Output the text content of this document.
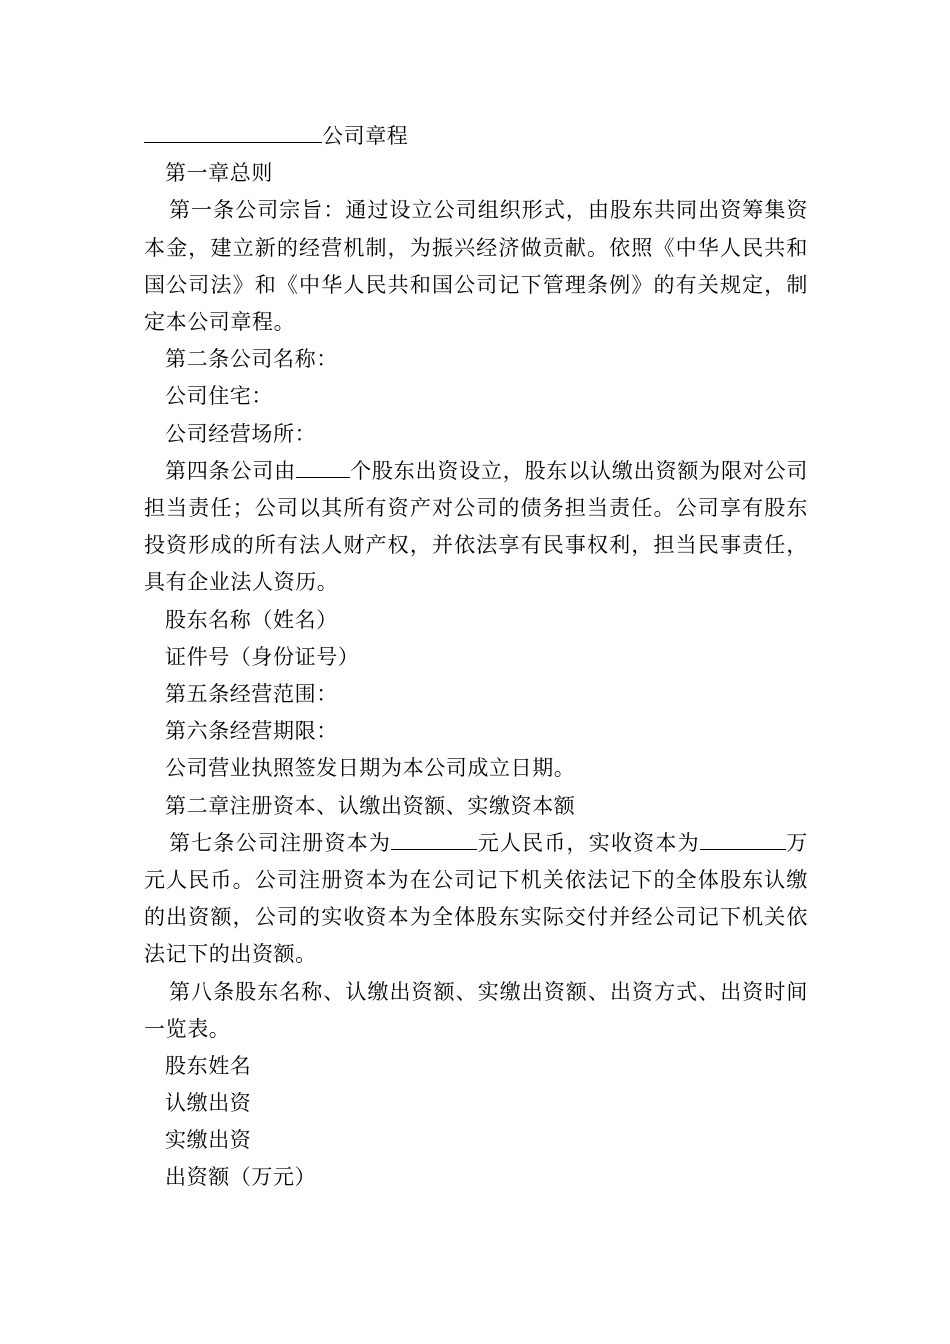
公司章程
第一章总则
第一条公司宗旨：通过设立公司组织形式，由股东共同出资筹集资本金，建立新的经营机制，为振兴经济做贡献。依照《中华人民共和国公司法》和《中华人民共和国公司记下管理条例》的有关规定，制定本公司章程。
第二条公司名称：
公司住宅：
公司经营场所：
第四条公司由	个股东出资设立，股东以认缴出资额为限对公司担当责任；公司以其所有资产对公司的债务担当责任。公司享有股东投资形成的所有法人财产权，并依法享有民事权利，担当民事责任，具有企业法人资历。
股东名称（姓名）
证件号（身份证号）
第五条经营范围：
第六条经营期限：
公司营业执照签发日期为本公司成立日期。
第二章注册资本、认缴出资额、实缴资本额
第七条公司注册资本为	元人民币，实收资本为	万元人民币。公司注册资本为在公司记下机关依法记下的全体股东认缴的出资额，公司的实收资本为全体股东实际交付并经公司记下机关依法记下的出资额。
第八条股东名称、认缴出资额、实缴出资额、出资方式、出资时间一览表。
股东姓名
认缴出资
实缴出资
出资额（万元）
